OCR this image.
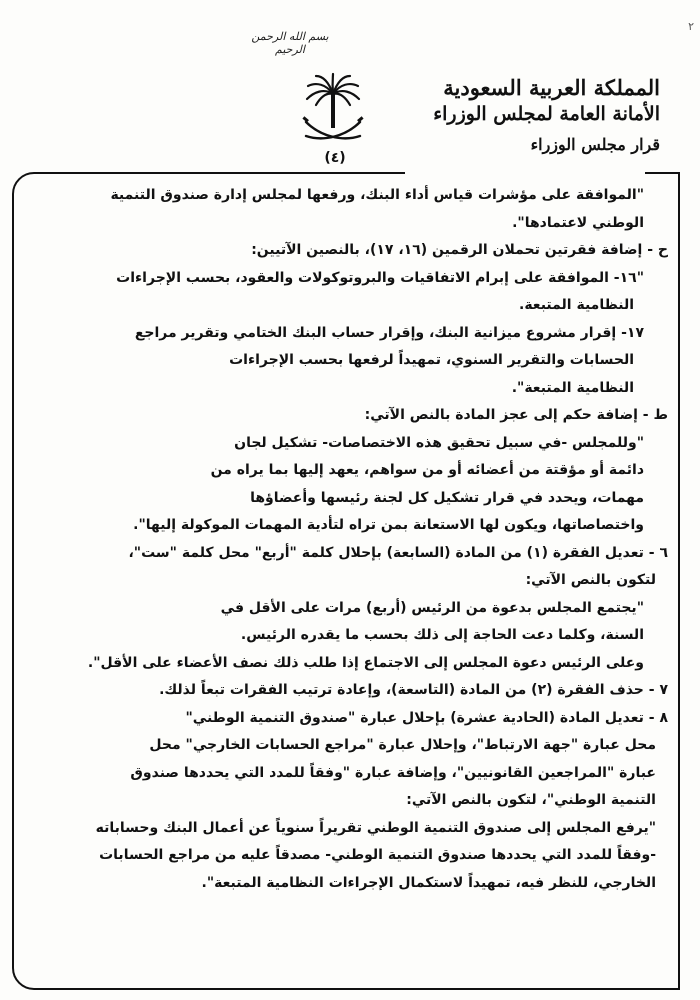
٢
بسم الله الرحمن الرحيم
(٤)
المملكة العربية السعودية
الأمانة العامة لمجلس الوزراء
قرار مجلس الوزراء

"الموافقة على مؤشرات قياس أداء البنك، ورفعها لمجلس إدارة صندوق التنمية

الوطني لاعتمادها".

ح - إضافة فقرتين تحملان الرقمين (١٦، ١٧)، بالنصين الآتيين:

"١٦- الموافقة على إبرام الاتفاقيات والبروتوكولات والعقود، بحسب الإجراءات

النظامية المتبعة.

١٧- إقرار مشروع ميزانية البنك، وإقرار حساب البنك الختامي وتقرير مراجع

الحسابات والتقرير السنوي، تمهيداً لرفعها بحسب الإجراءات

النظامية المتبعة".

ط - إضافة حكم إلى عجز المادة بالنص الآتي:

"وللمجلس -في سبيل تحقيق هذه الاختصاصات- تشكيل لجان

دائمة أو مؤقتة من أعضائه أو من سواهم، يعهد إليها بما يراه من

مهمات، ويحدد في قرار تشكيل كل لجنة رئيسها وأعضاؤها

واختصاصاتها، ويكون لها الاستعانة بمن تراه لتأدية المهمات الموكولة إليها".

٦ - تعديل الفقرة (١) من المادة (السابعة) بإحلال كلمة "أربع" محل كلمة "ست"،

لتكون بالنص الآتي:

"يجتمع المجلس بدعوة من الرئيس (أربع) مرات على الأقل في

السنة، وكلما دعت الحاجة إلى ذلك بحسب ما يقدره الرئيس.

وعلى الرئيس دعوة المجلس إلى الاجتماع إذا طلب ذلك نصف الأعضاء على الأقل".

٧ - حذف الفقرة (٢) من المادة (التاسعة)، وإعادة ترتيب الفقرات تبعاً لذلك.

٨ - تعديل المادة (الحادية عشرة) بإحلال عبارة "صندوق التنمية الوطني"

محل عبارة "جهة الارتباط"، وإحلال عبارة "مراجع الحسابات الخارجي" محل

عبارة "المراجعين القانونيين"، وإضافة عبارة "وفقاً للمدد التي يحددها صندوق

التنمية الوطني"، لتكون بالنص الآتي:

"يرفع المجلس إلى صندوق التنمية الوطني تقريراً سنوياً عن أعمال البنك وحساباته

-وفقاً للمدد التي يحددها صندوق التنمية الوطني- مصدقاً عليه من مراجع الحسابات

الخارجي، للنظر فيه، تمهيداً لاستكمال الإجراءات النظامية المتبعة".
